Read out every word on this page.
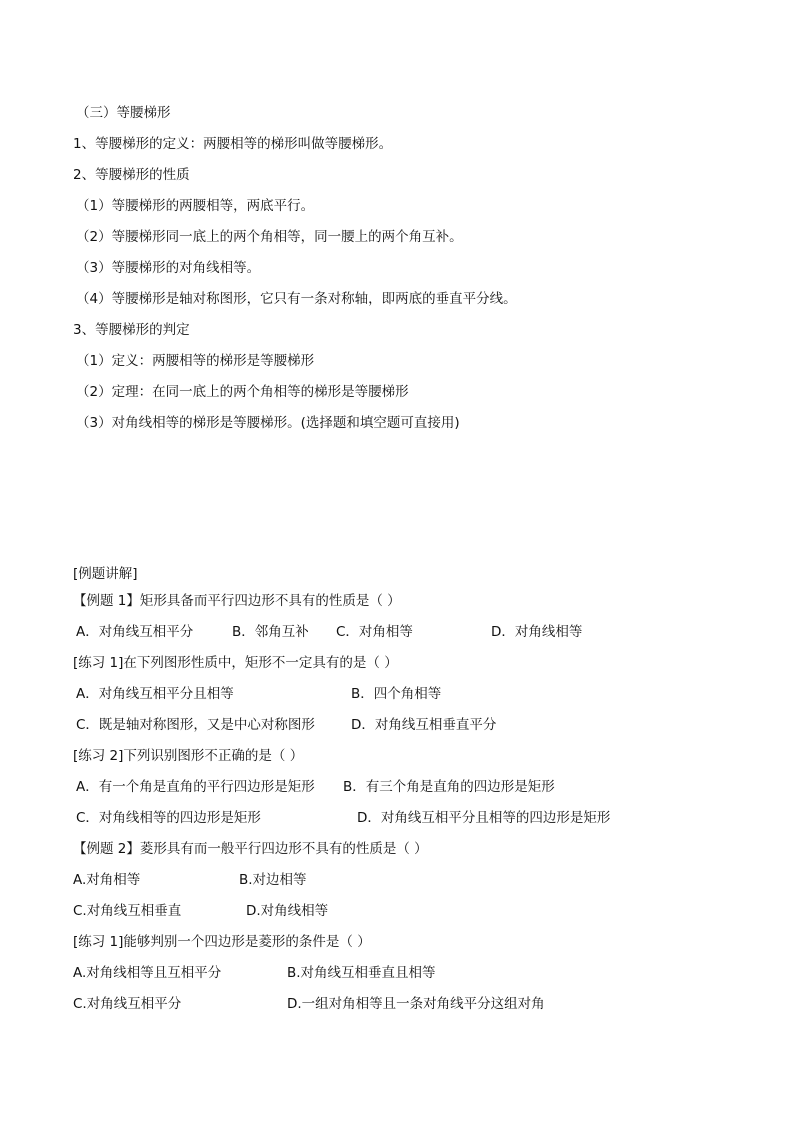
（三）等腰梯形
1、等腰梯形的定义：两腰相等的梯形叫做等腰梯形。
2、等腰梯形的性质
（1）等腰梯形的两腰相等，两底平行。
（2）等腰梯形同一底上的两个角相等，同一腰上的两个角互补。
（3）等腰梯形的对角线相等。
（4）等腰梯形是轴对称图形，它只有一条对称轴，即两底的垂直平分线。
3、等腰梯形的判定
（1）定义：两腰相等的梯形是等腰梯形
（2）定理：在同一底上的两个角相等的梯形是等腰梯形
（3）对角线相等的梯形是等腰梯形。(选择题和填空题可直接用)
[例题讲解]
【例题 1】矩形具备而平行四边形不具有的性质是（ ）
A．对角线互相平分	B．邻角互补 C．对角相等	D．对角线相等
[练习 1]在下列图形性质中，矩形不一定具有的是（ ）
A．对角线互相平分且相等	B．四个角相等
C．既是轴对称图形，又是中心对称图形	D．对角线互相垂直平分
[练习 2]下列识别图形不正确的是（ ）
A．有一个角是直角的平行四边形是矩形 B．有三个角是直角的四边形是矩形
C．对角线相等的四边形是矩形	D．对角线互相平分且相等的四边形是矩形
【例题 2】菱形具有而一般平行四边形不具有的性质是（ ）
A.对角相等	B.对边相等
C.对角线互相垂直	D.对角线相等
[练习 1]能够判别一个四边形是菱形的条件是（ ）
A.对角线相等且互相平分	B.对角线互相垂直且相等
C.对角线互相平分	D.一组对角相等且一条对角线平分这组对角
